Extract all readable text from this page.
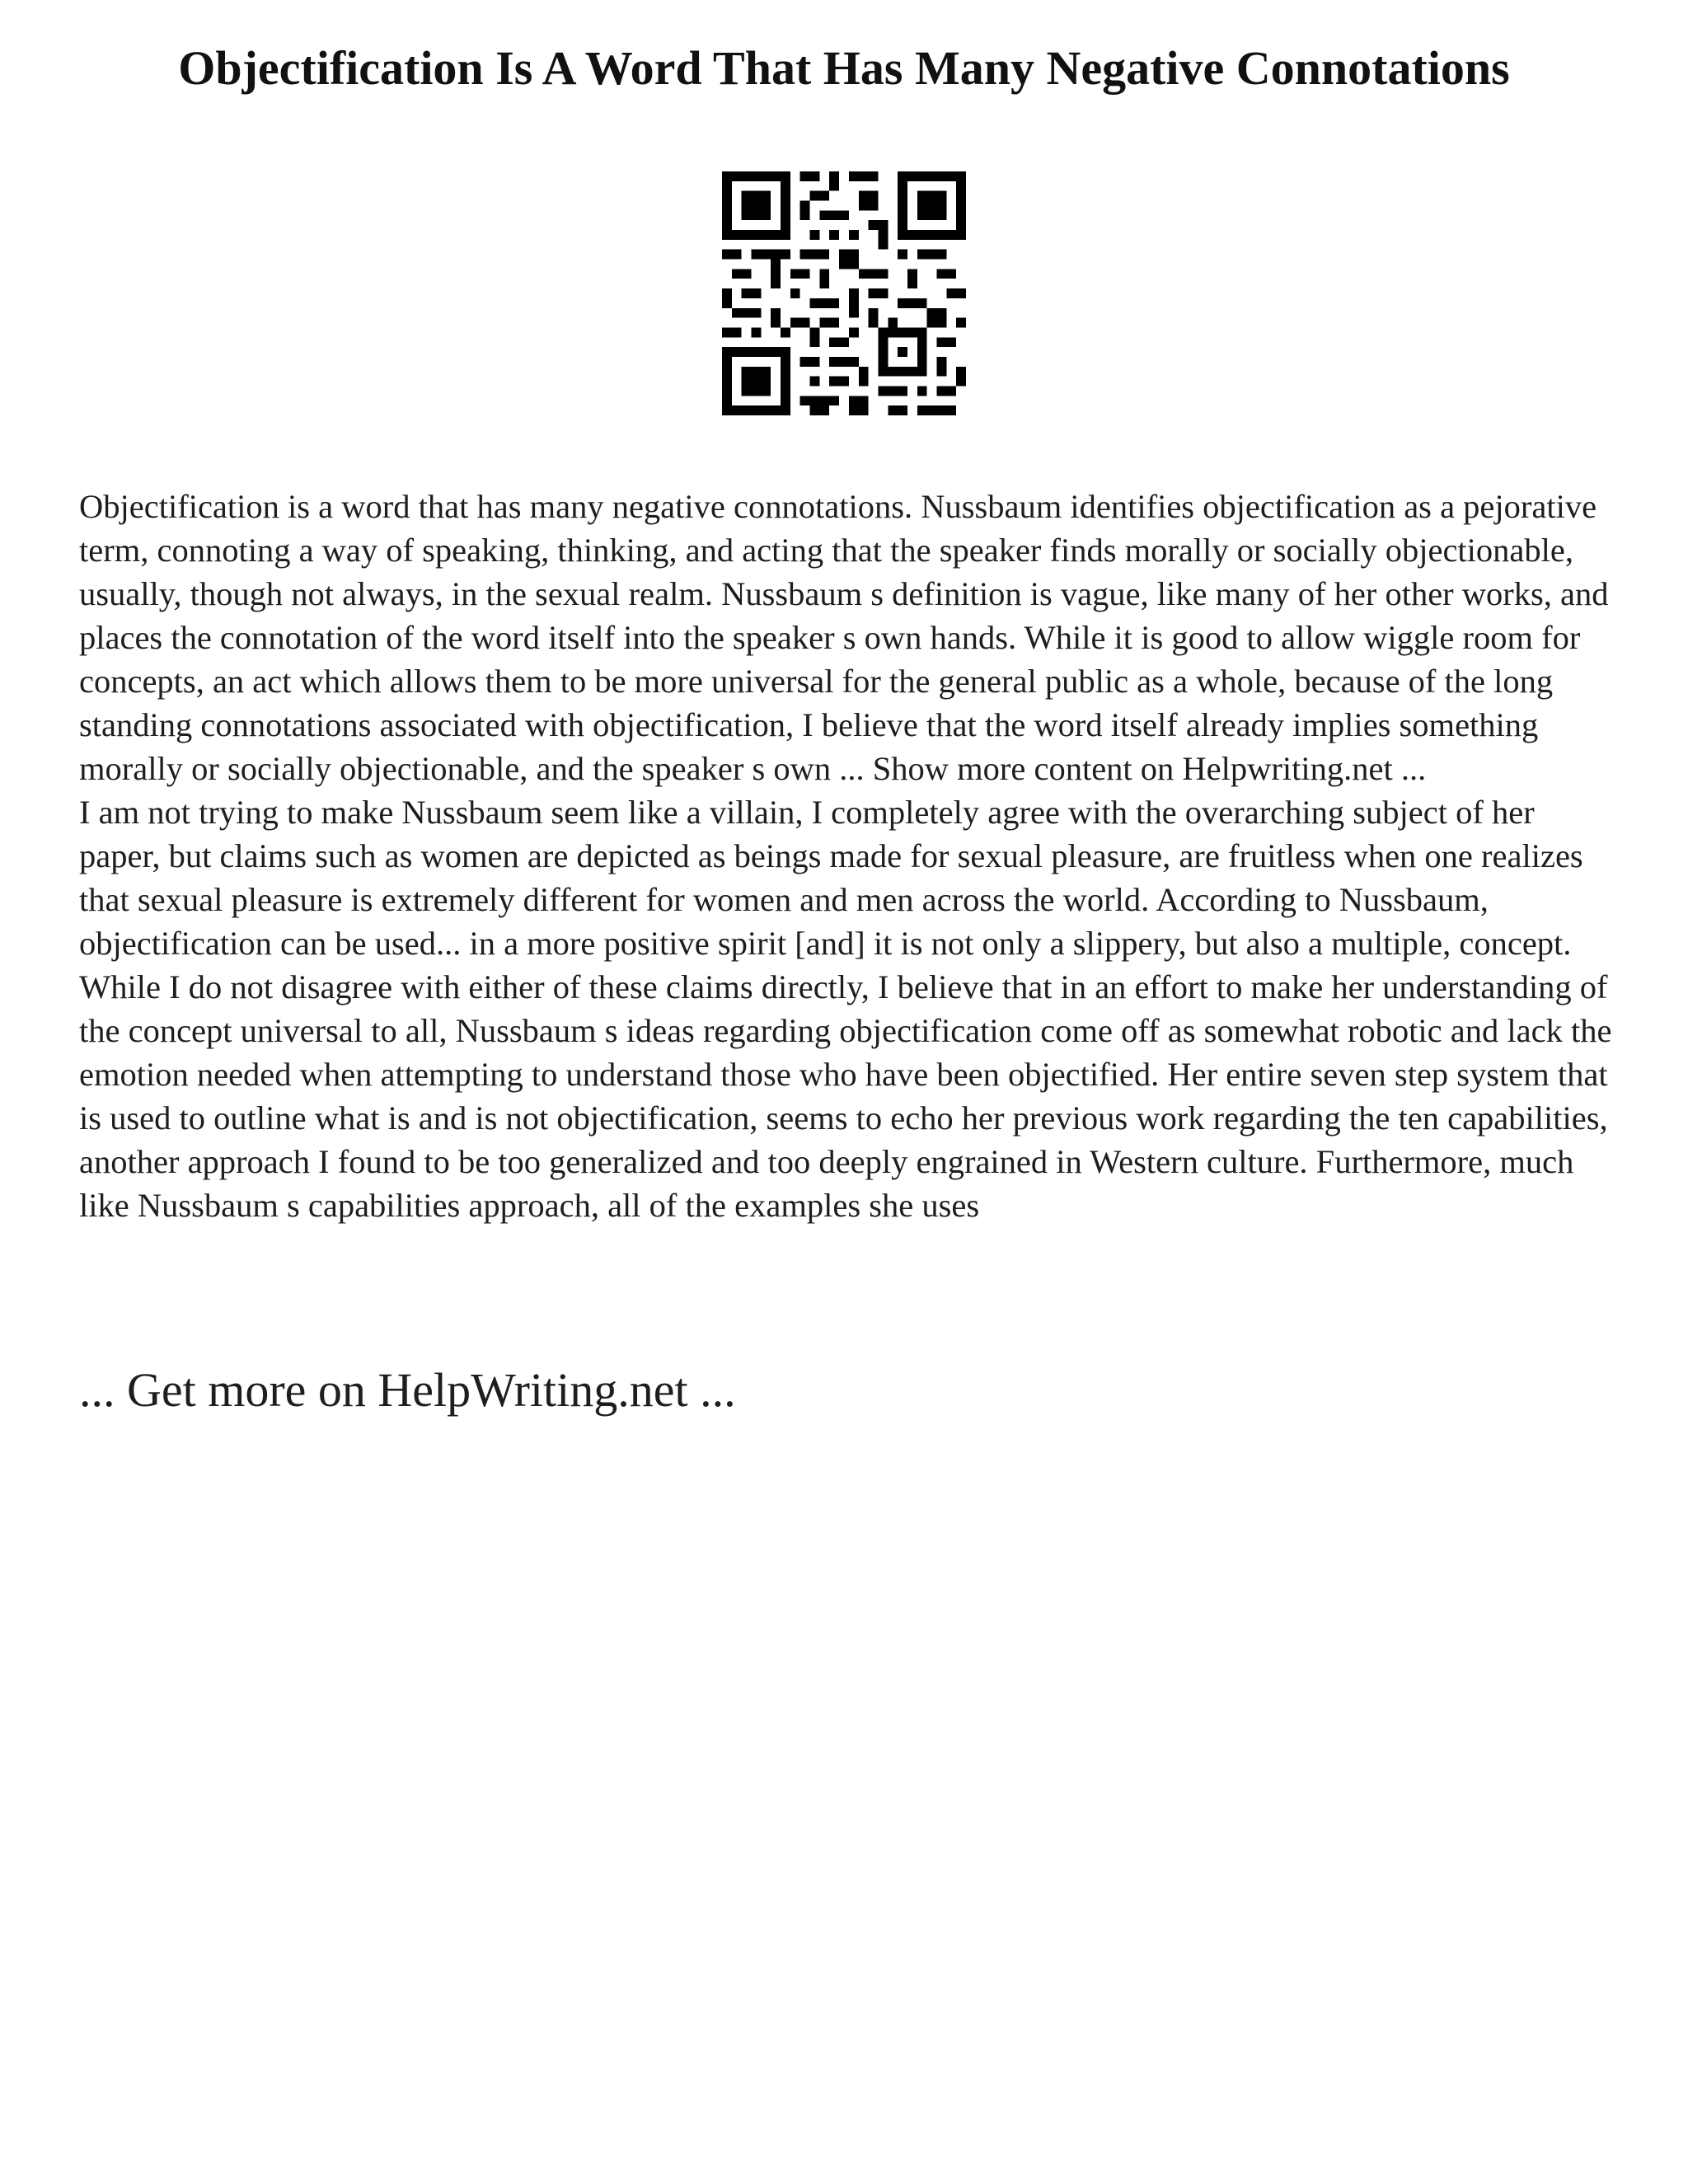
Objectification Is A Word That Has Many Negative Connotations

Objectification is a word that has many negative connotations. Nussbaum identifies objectification as a pejorative term, connoting a way of speaking, thinking, and acting that the speaker finds morally or socially objectionable, usually, though not always, in the sexual realm. Nussbaum s definition is vague, like many of her other works, and places the connotation of the word itself into the speaker s own hands. While it is good to allow wiggle room for concepts, an act which allows them to be more universal for the general public as a whole, because of the long standing connotations associated with objectification, I believe that the word itself already implies something morally or socially objectionable, and the speaker s own ... Show more content on Helpwriting.net ...

I am not trying to make Nussbaum seem like a villain, I completely agree with the overarching subject of her paper, but claims such as women are depicted as beings made for sexual pleasure, are fruitless when one realizes that sexual pleasure is extremely different for women and men across the world. According to Nussbaum, objectification can be used... in a more positive spirit [and] it is not only a slippery, but also a multiple, concept. While I do not disagree with either of these claims directly, I believe that in an effort to make her understanding of the concept universal to all, Nussbaum s ideas regarding objectification come off as somewhat robotic and lack the emotion needed when attempting to understand those who have been objectified. Her entire seven step system that is used to outline what is and is not objectification, seems to echo her previous work regarding the ten capabilities, another approach I found to be too generalized and too deeply engrained in Western culture. Furthermore, much like Nussbaum s capabilities approach, all of the examples she uses

... Get more on HelpWriting.net ...
